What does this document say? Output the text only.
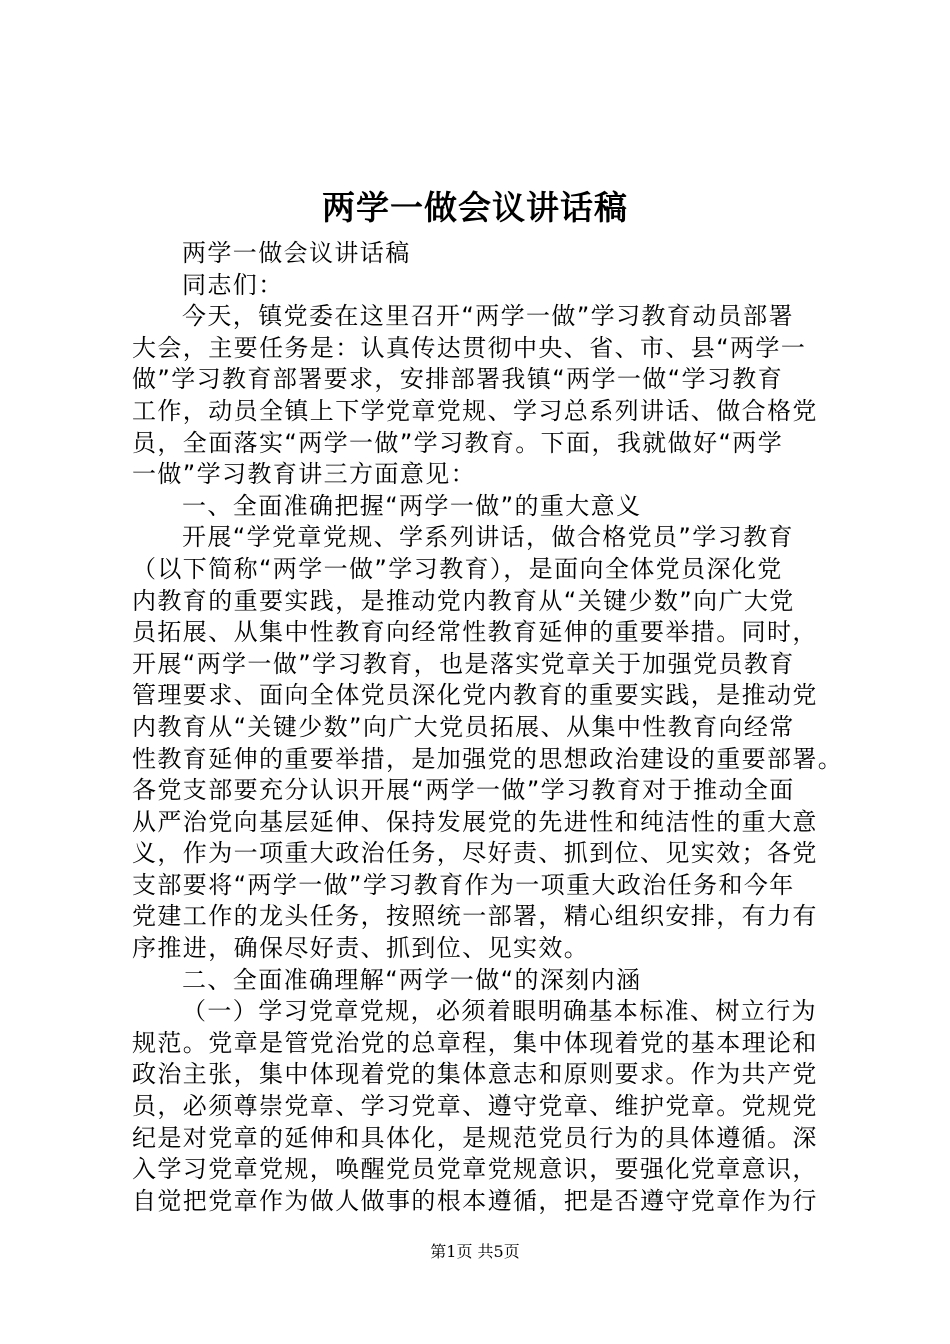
两学一做会议讲话稿
两学一做会议讲话稿
同志们：
今天，镇党委在这里召开“两学一做”学习教育动员部署
大会，主要任务是：认真传达贯彻中央、省、市、县“两学一
做”学习教育部署要求，安排部署我镇“两学一做“学习教育
工作，动员全镇上下学党章党规、学习总系列讲话、做合格党
员，全面落实“两学一做”学习教育。下面，我就做好“两学
一做”学习教育讲三方面意见：
一、全面准确把握“两学一做”的重大意义
开展“学党章党规、学系列讲话，做合格党员”学习教育
（以下简称“两学一做”学习教育），是面向全体党员深化党
内教育的重要实践，是推动党内教育从“关键少数”向广大党
员拓展、从集中性教育向经常性教育延伸的重要举措。同时，
开展“两学一做”学习教育，也是落实党章关于加强党员教育
管理要求、面向全体党员深化党内教育的重要实践，是推动党
内教育从“关键少数”向广大党员拓展、从集中性教育向经常
性教育延伸的重要举措，是加强党的思想政治建设的重要部署。
各党支部要充分认识开展“两学一做”学习教育对于推动全面
从严治党向基层延伸、保持发展党的先进性和纯洁性的重大意
义，作为一项重大政治任务，尽好责、抓到位、见实效；各党
支部要将“两学一做”学习教育作为一项重大政治任务和今年
党建工作的龙头任务，按照统一部署，精心组织安排，有力有
序推进，确保尽好责、抓到位、见实效。
二、全面准确理解“两学一做“的深刻内涵
（一）学习党章党规，必须着眼明确基本标准、树立行为
规范。党章是管党治党的总章程，集中体现着党的基本理论和
政治主张，集中体现着党的集体意志和原则要求。作为共产党
员，必须尊崇党章、学习党章、遵守党章、维护党章。党规党
纪是对党章的延伸和具体化，是规范党员行为的具体遵循。深
入学习党章党规，唤醒党员党章党规意识，要强化党章意识，
自觉把党章作为做人做事的根本遵循，把是否遵守党章作为行
第1页 共5页
